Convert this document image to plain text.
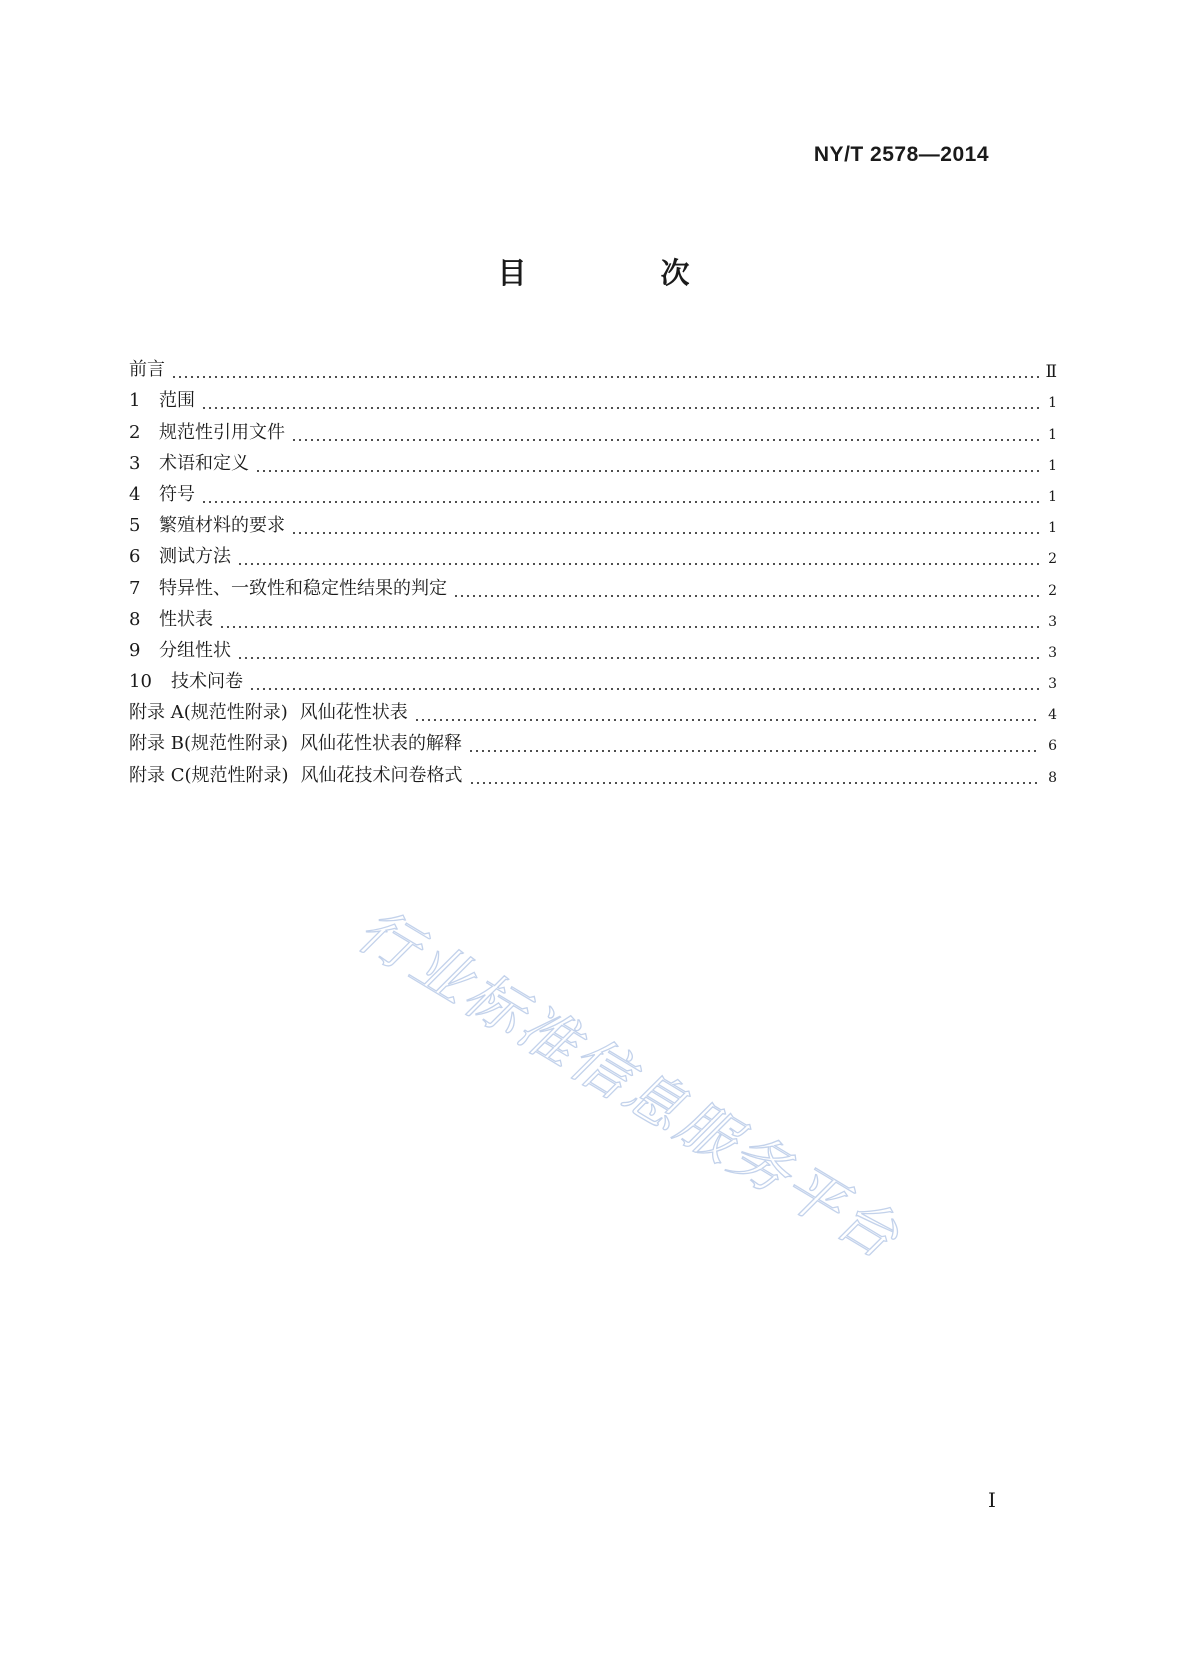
NY/T 2578—2014
目 次
前言	Ⅱ
1 范围	1
2 规范性引用文件	1
3 术语和定义	1
4 符号	1
5 繁殖材料的要求	1
6 测试方法	2
7 特异性、一致性和稳定性结果的判定	2
8 性状表	3
9 分组性状	3
10 技术问卷	3
附录 A(规范性附录) 风仙花性状表	4
附录 B(规范性附录) 风仙花性状表的解释	6
附录 C(规范性附录) 风仙花技术问卷格式	8
行业标准信息服务平台
I
